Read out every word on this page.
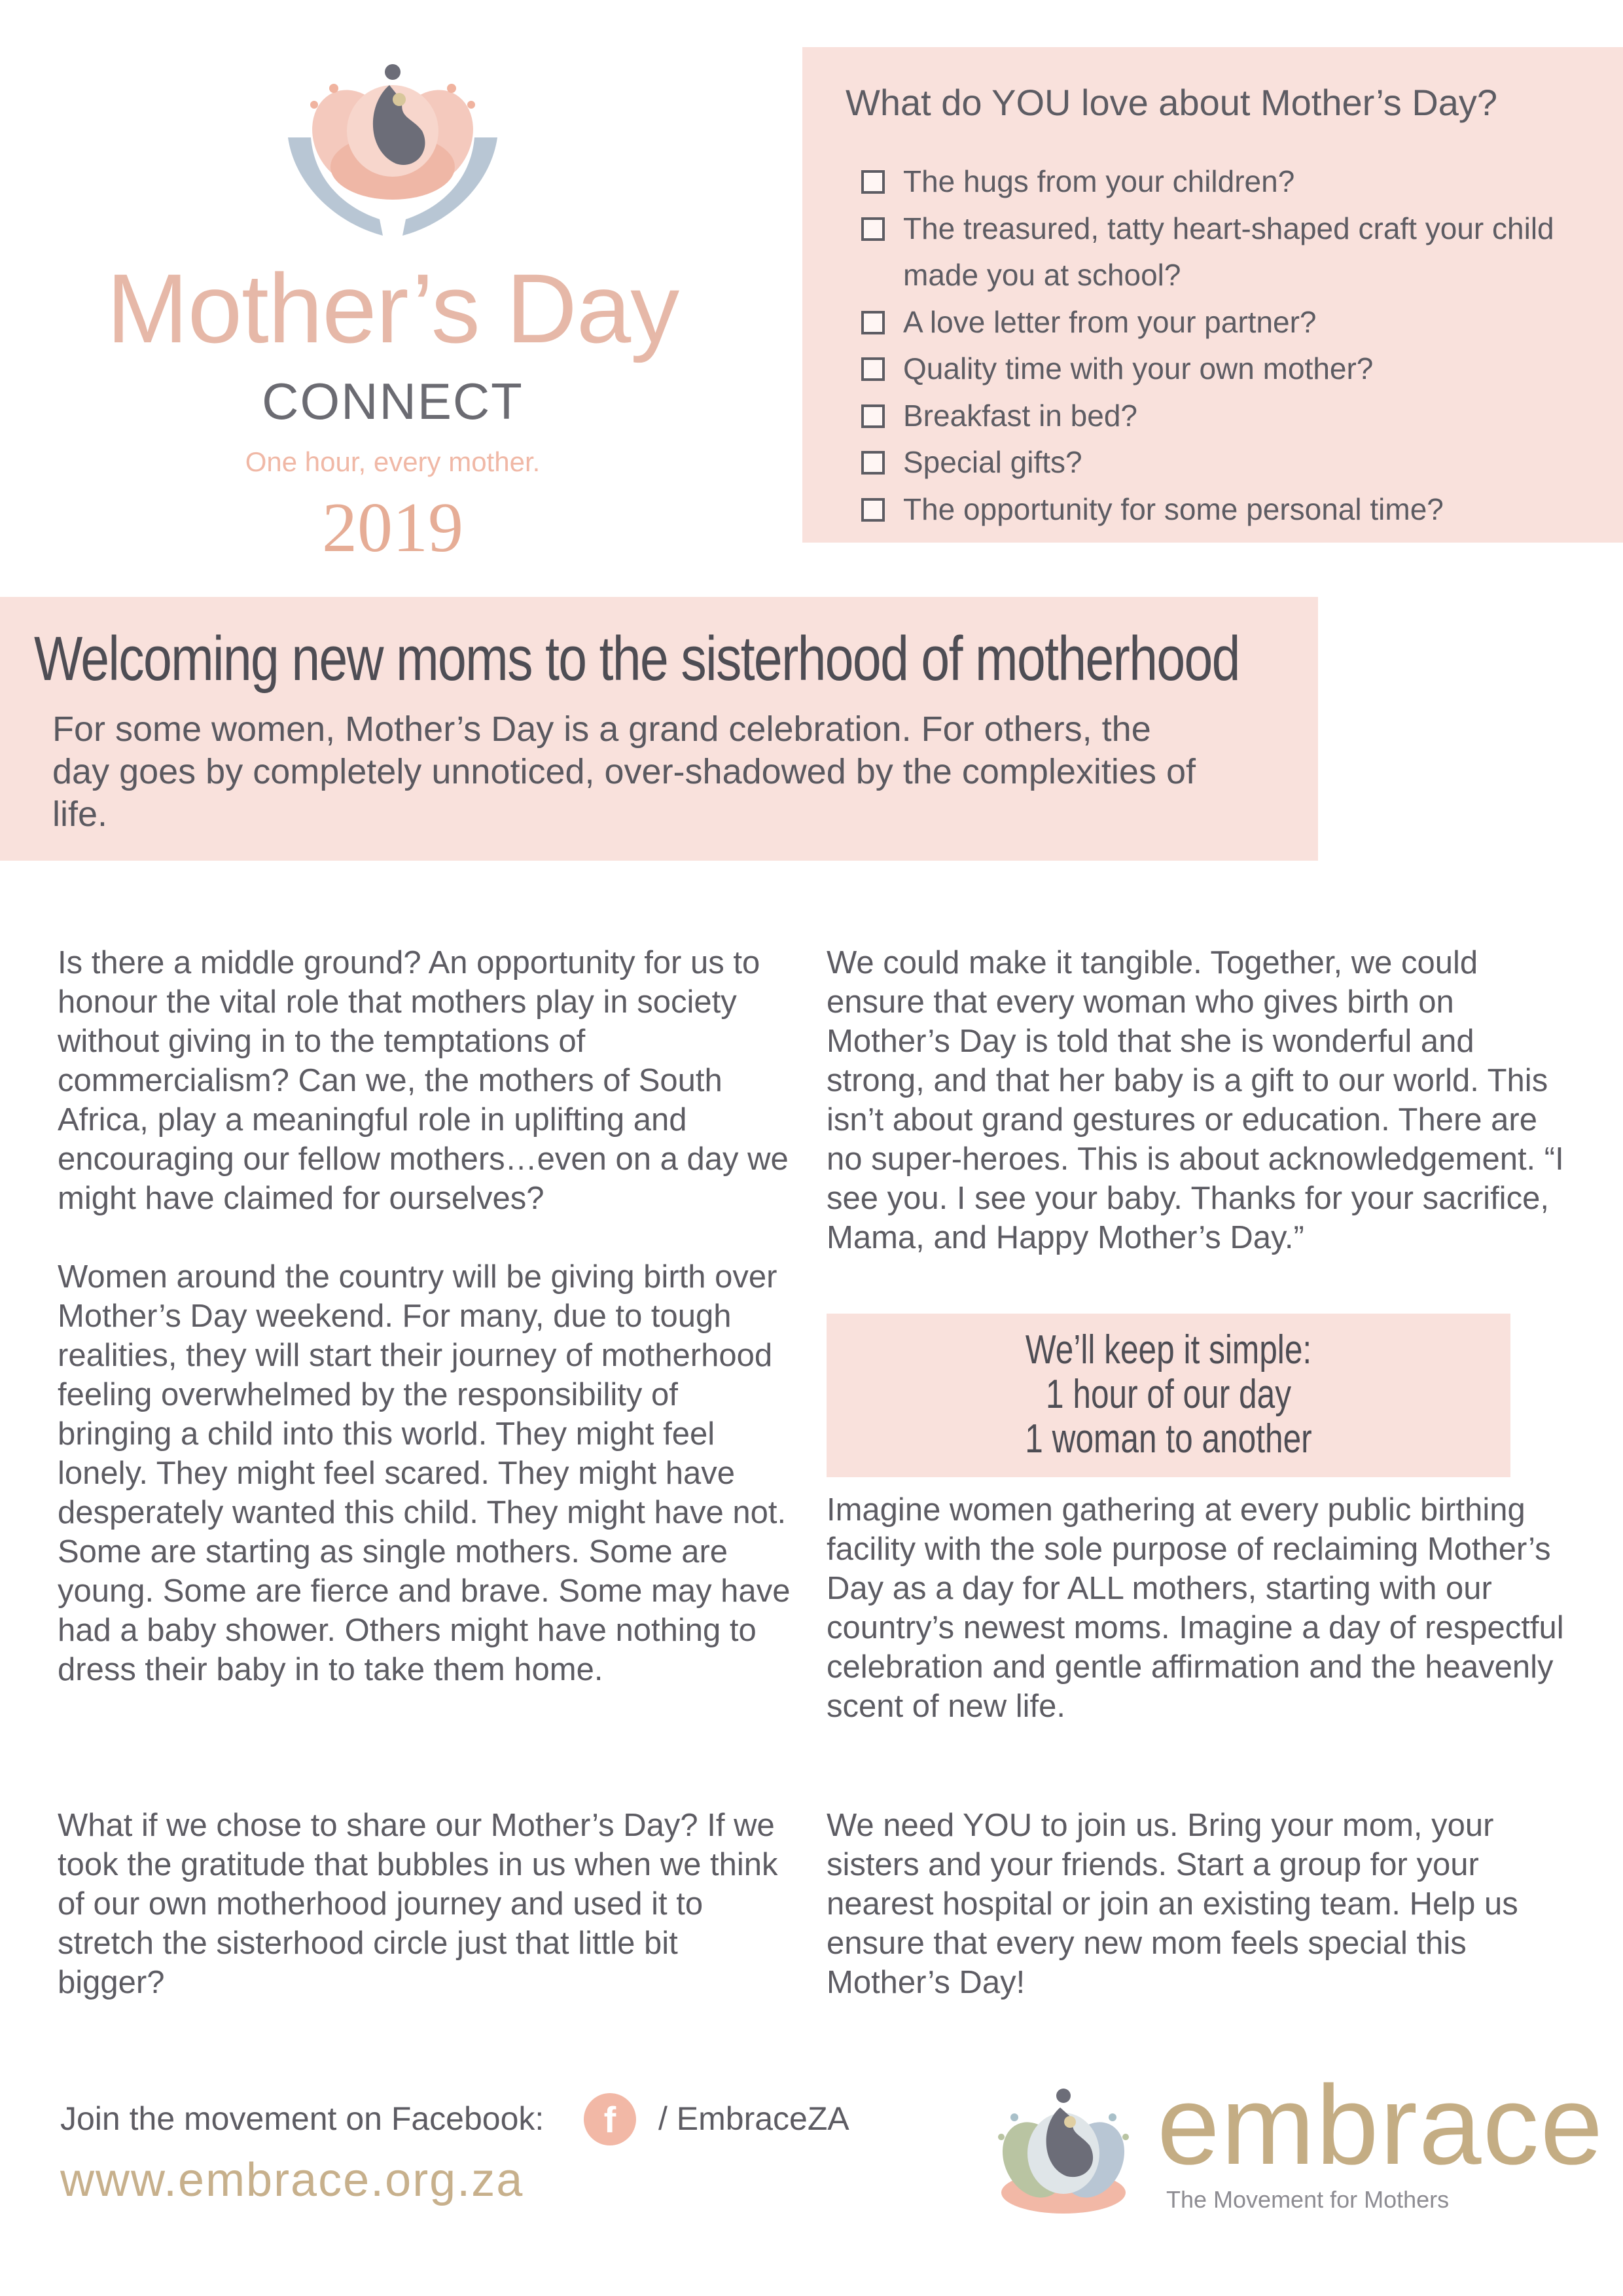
Mother’s Day
CONNECT
One hour, every mother.
2019
What do YOU love about Mother’s Day?
The hugs from your children?
The treasured, tatty heart-shaped craft your child made you at school?
A love letter from your partner?
Quality time with your own mother?
Breakfast in bed?
Special gifts?
The opportunity for some personal time?
Welcoming new moms to the sisterhood of motherhood
For some women, Mother’s Day is a grand celebration. For others, the day goes by completely unnoticed, over-shadowed by the complexities of life.

Is there a middle ground? An opportunity for us to honour the vital role that mothers play in society without giving in to the temptations of commercialism? Can we, the mothers of South Africa, play a meaningful role in uplifting and encouraging our fellow mothers…even on a day we might have claimed for ourselves?

Women around the country will be giving birth over Mother’s Day weekend. For many, due to tough realities, they will start their journey of motherhood feeling overwhelmed by the responsibility of bringing a child into this world. They might feel lonely. They might feel scared. They might have desperately wanted this child. They might have not. Some are starting as single mothers. Some are young. Some are fierce and brave. Some may have had a baby shower. Others might have nothing to dress their baby in to take them home.

What if we chose to share our Mother’s Day? If we took the gratitude that bubbles in us when we think of our own motherhood journey and used it to stretch the sisterhood circle just that little bit bigger?

We could make it tangible. Together, we could ensure that every woman who gives birth on Mother’s Day is told that she is wonderful and strong, and that her baby is a gift to our world. This isn’t about grand gestures or education. There are no super-heroes. This is about acknowledgement. “I see you. I see your baby. Thanks for your sacrifice, Mama, and Happy Mother’s Day.”

We’ll keep it simple:
1 hour of our day
1 woman to another

Imagine women gathering at every public birthing facility with the sole purpose of reclaiming Mother’s Day as a day for ALL mothers, starting with our country’s newest moms. Imagine a day of respectful celebration and gentle affirmation and the heavenly scent of new life.

We need YOU to join us. Bring your mom, your sisters and your friends. Start a group for your nearest hospital or join an existing team. Help us ensure that every new mom feels special this Mother’s Day!

Join the movement on Facebook:	f	/ EmbraceZA
www.embrace.org.za	embrace
The Movement for Mothers
